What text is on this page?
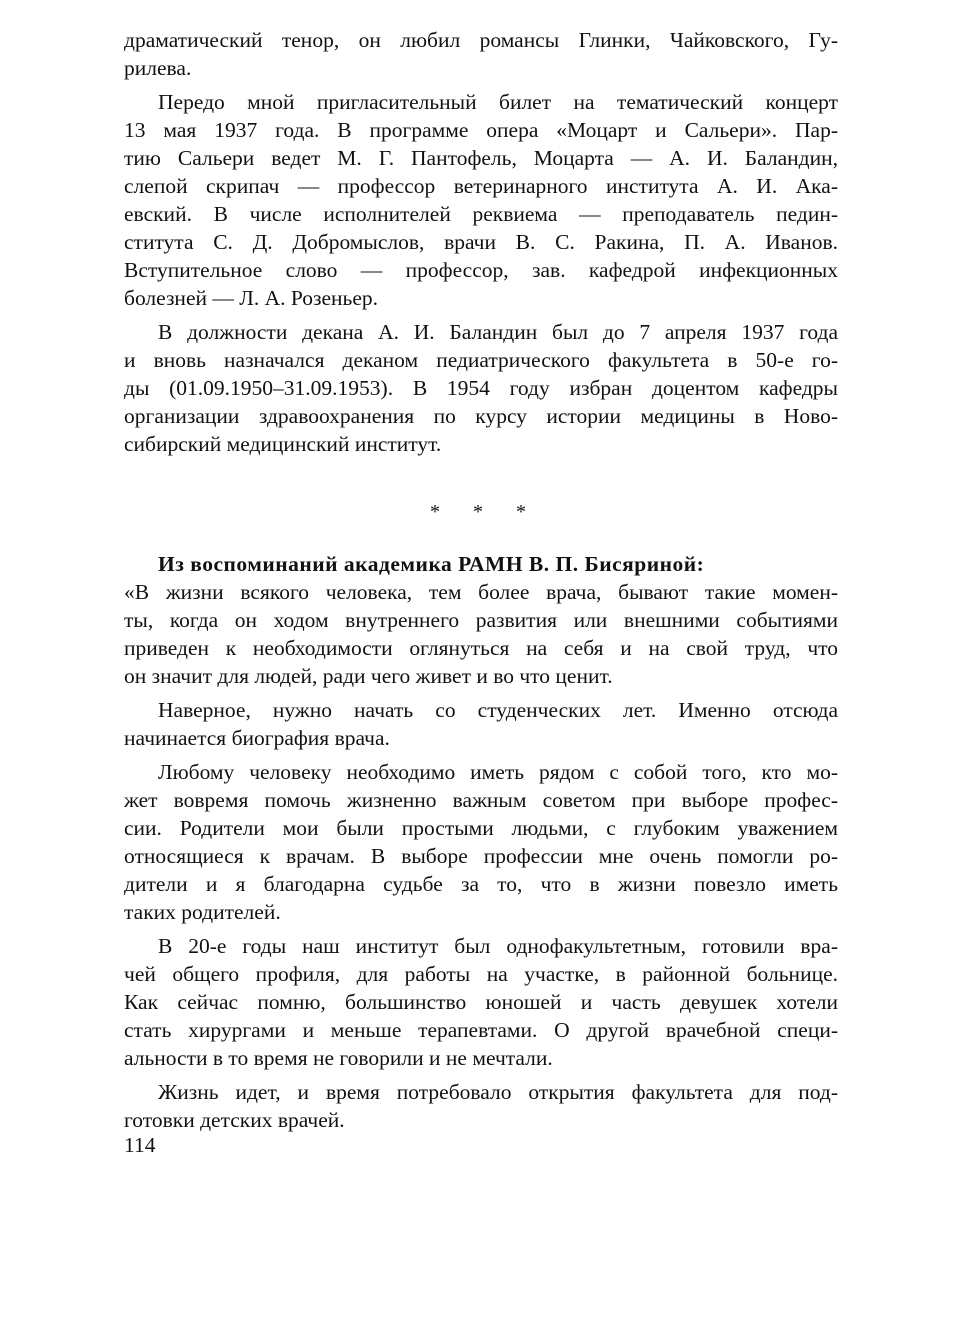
драматический тенор, он любил романсы Глинки, Чайковского, Гу-
рилева.
Передо мной пригласительный билет на тематический концерт
13 мая 1937 года. В программе опера «Моцарт и Сальери». Пар-
тию Сальери ведет М. Г. Пантофель, Моцарта — А. И. Баландин,
слепой скрипач — профессор ветеринарного института А. И. Ака-
евский. В числе исполнителей реквиема — преподаватель педин-
ститута С. Д. Добромыслов, врачи В. С. Ракина, П. А. Иванов.
Вступительное слово — профессор, зав. кафедрой инфекционных
болезней — Л. А. Розеньер.
В должности декана А. И. Баландин был до 7 апреля 1937 года
и вновь назначался деканом педиатрического факультета в 50-е го-
ды (01.09.1950–31.09.1953). В 1954 году избран доцентом кафедры
организации здравоохранения по курсу истории медицины в Ново-
сибирский медицинский институт.
* * *
Из воспоминаний академика РАМН В. П. Бисяриной:
«В жизни всякого человека, тем более врача, бывают такие момен-
ты, когда он ходом внутреннего развития или внешними событиями
приведен к необходимости оглянуться на себя и на свой труд, что
он значит для людей, ради чего живет и во что ценит.
Наверное, нужно начать со студенческих лет. Именно отсюда
начинается биография врача.
Любому человеку необходимо иметь рядом с собой того, кто мо-
жет вовремя помочь жизненно важным советом при выборе профес-
сии. Родители мои были простыми людьми, с глубоким уважением
относящиеся к врачам. В выборе профессии мне очень помогли ро-
дители и я благодарна судьбе за то, что в жизни повезло иметь
таких родителей.
В 20-е годы наш институт был однофакультетным, готовили вра-
чей общего профиля, для работы на участке, в районной больнице.
Как сейчас помню, большинство юношей и часть девушек хотели
стать хирургами и меньше терапевтами. О другой врачебной специ-
альности в то время не говорили и не мечтали.
Жизнь идет, и время потребовало открытия факультета для под-
готовки детских врачей.
114
